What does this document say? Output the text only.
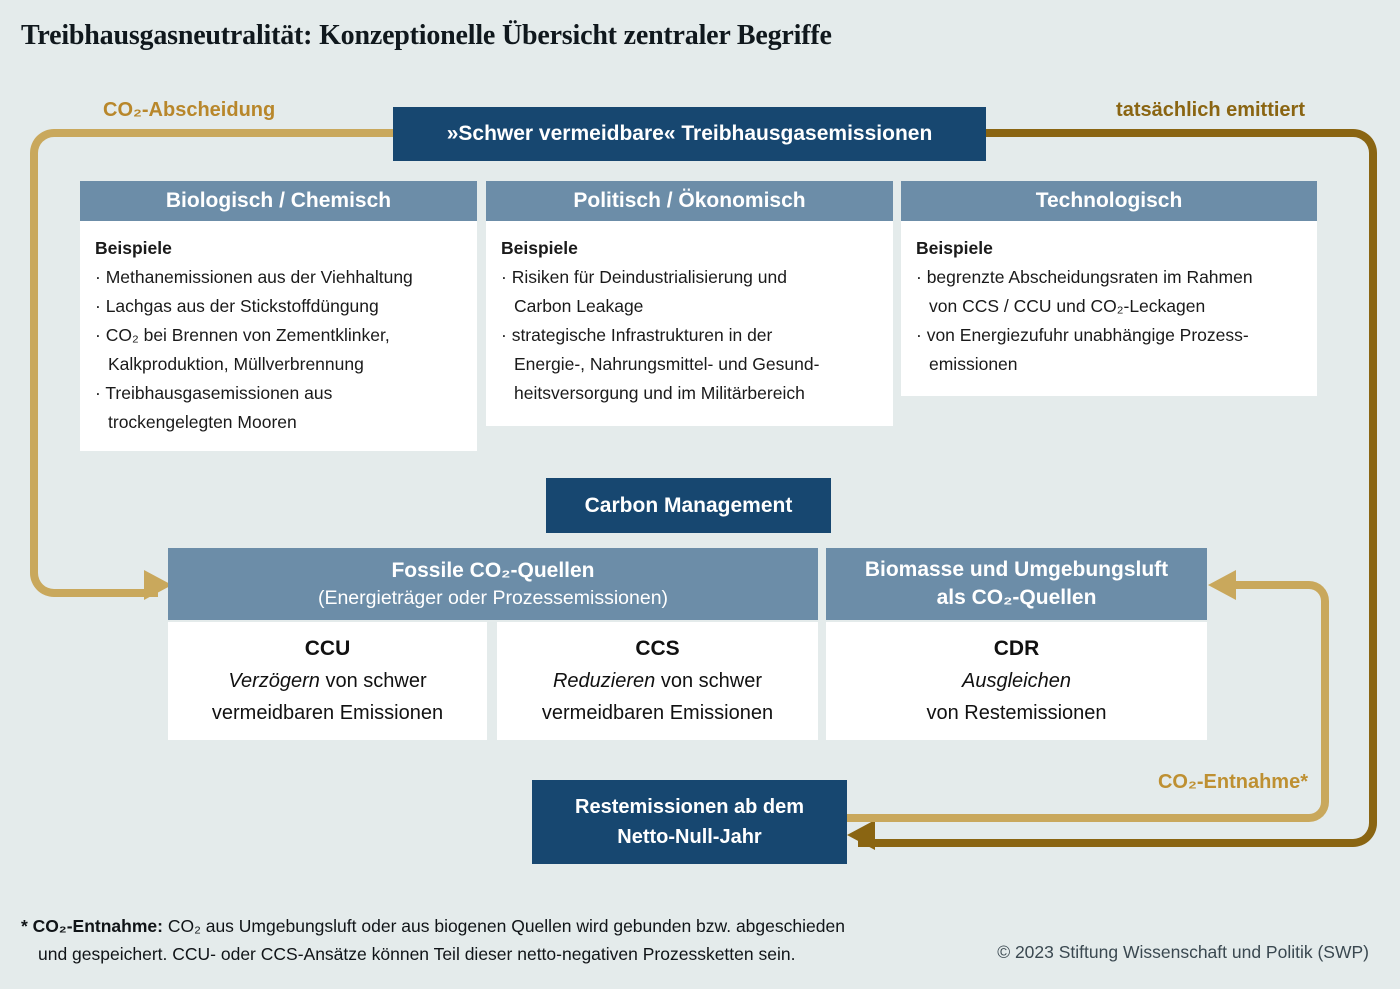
Treibhausgasneutralität: Konzeptionelle Übersicht zentraler Begriffe
CO₂-Abscheidung	tatsächlich emittiert
CO₂-Entnahme*
»Schwer vermeidbare« Treibhausgasemissionen
Biologisch / Chemisch
Beispiele
· Methanemissionen aus der Viehhaltung
· Lachgas aus der Stickstoffdüngung
· CO₂ bei Brennen von Zementklinker,
Kalkproduktion, Müllverbrennung
· Treibhausgasemissionen aus
trockengelegten Mooren
Politisch / Ökonomisch
Beispiele
· Risiken für Deindustrialisierung und
Carbon Leakage
· strategische Infrastrukturen in der
Energie-, Nahrungsmittel- und Gesund-
heitsversorgung und im Militärbereich
Technologisch
Beispiele
· begrenzte Abscheidungsraten im Rahmen
von CCS / CCU und CO₂-Leckagen
· von Energiezufuhr unabhängige Prozess-
emissionen
Carbon Management
Fossile CO₂-Quellen
(Energieträger oder Prozessemissionen)
Biomasse und Umgebungsluft
als CO₂-Quellen
CCU
Verzögern von schwer
vermeidbaren Emissionen
CCS
Reduzieren von schwer
vermeidbaren Emissionen
CDR
Ausgleichen
von Restemissionen
Restemissionen ab dem
Netto-Null-Jahr
* CO₂-Entnahme: CO₂ aus Umgebungsluft oder aus biogenen Quellen wird gebunden bzw. abgeschieden
und gespeichert. CCU- oder CCS-Ansätze können Teil dieser netto-negativen Prozessketten sein.	© 2023 Stiftung Wissenschaft und Politik (SWP)
